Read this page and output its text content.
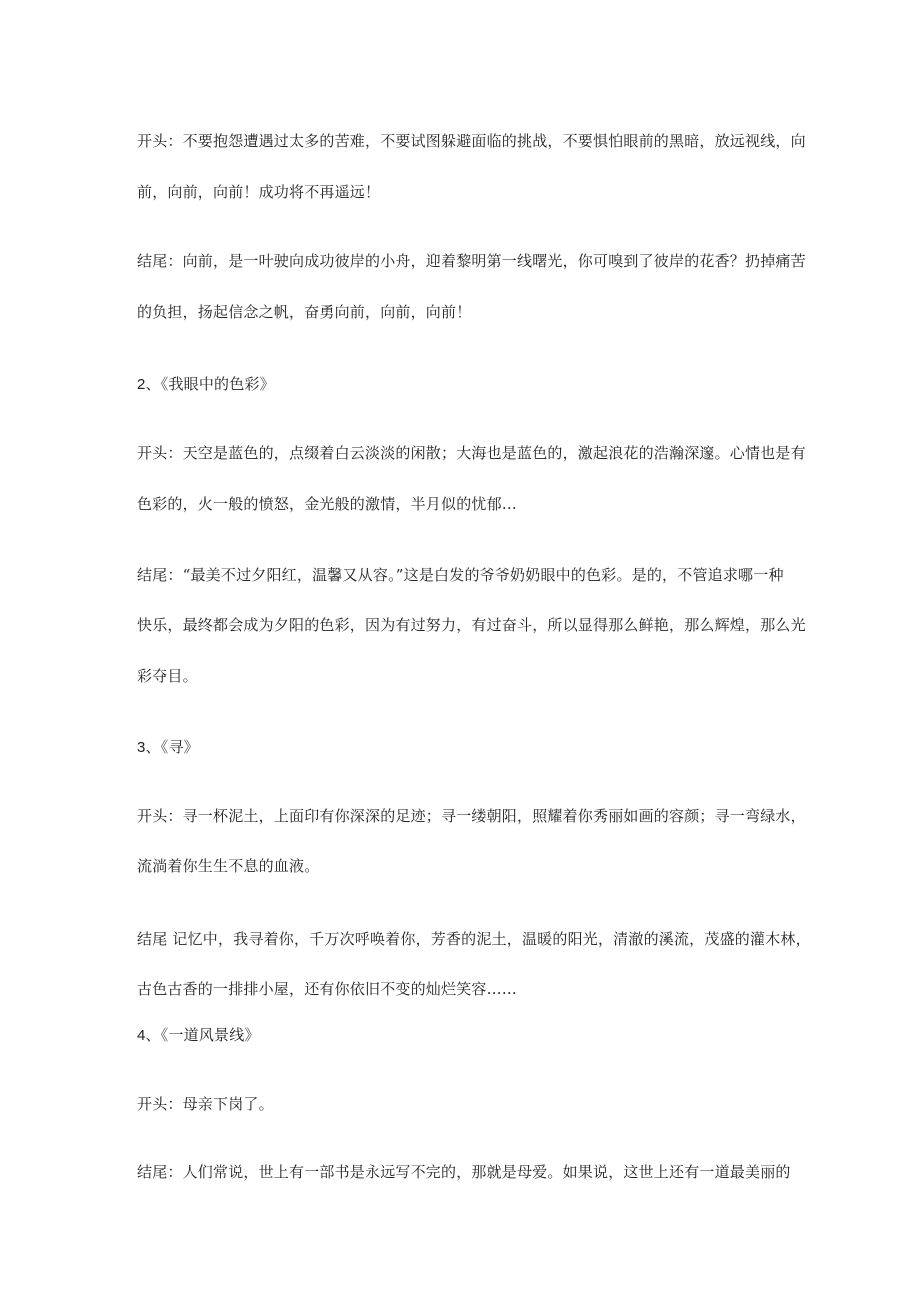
开头：不要抱怨遭遇过太多的苦难，不要试图躲避面临的挑战，不要惧怕眼前的黑暗，放远视线，向
前，向前，向前！成功将不再遥远！
结尾：向前，是一叶驶向成功彼岸的小舟，迎着黎明第一线曙光，你可嗅到了彼岸的花香？扔掉痛苦
的负担，扬起信念之帆，奋勇向前，向前，向前！
2、《我眼中的色彩》
开头：天空是蓝色的，点缀着白云淡淡的闲散；大海也是蓝色的，激起浪花的浩瀚深邃。心情也是有
色彩的，火一般的愤怒，金光般的激情，半月似的忧郁…
结尾：“最美不过夕阳红，温馨又从容。”这是白发的爷爷奶奶眼中的色彩。是的，不管追求哪一种
快乐，最终都会成为夕阳的色彩，因为有过努力，有过奋斗，所以显得那么鲜艳，那么辉煌，那么光
彩夺目。
3、《寻》
开头：寻一杯泥土，上面印有你深深的足迹；寻一缕朝阳，照耀着你秀丽如画的容颜；寻一弯绿水，
流淌着你生生不息的血液。
结尾 记忆中，我寻着你，千万次呼唤着你，芳香的泥土，温暖的阳光，清澈的溪流，茂盛的灌木林，
古色古香的一排排小屋，还有你依旧不变的灿烂笑容……
4、《一道风景线》
开头：母亲下岗了。
结尾：人们常说，世上有一部书是永远写不完的，那就是母爱。如果说，这世上还有一道最美丽的
